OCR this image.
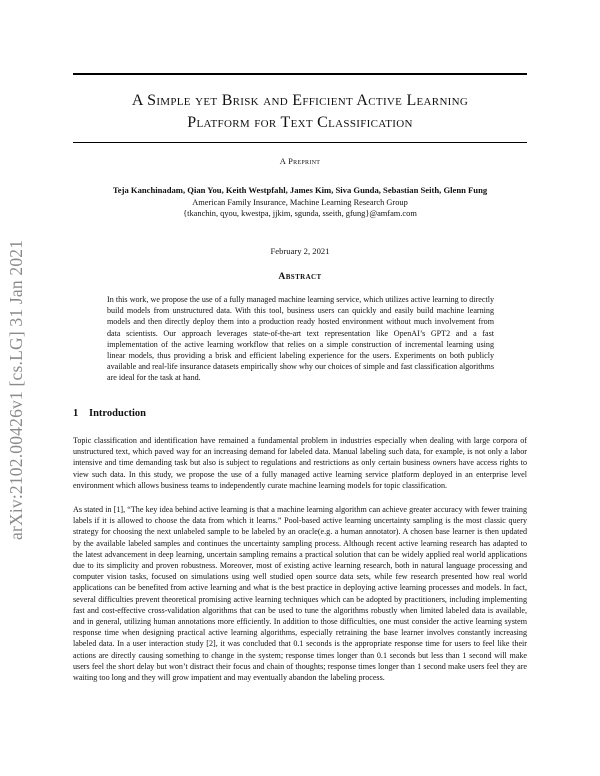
arXiv:2102.00426v1 [cs.LG] 31 Jan 2021
A Simple yet Brisk and Efficient Active Learning
Platform for Text Classification
A Preprint
Teja Kanchinadam, Qian You, Keith Westpfahl, James Kim, Siva Gunda, Sebastian Seith, Glenn Fung
American Family Insurance, Machine Learning Research Group
{tkanchin, qyou, kwestpa, jjkim, sgunda, sseith, gfung}@amfam.com
February 2, 2021
Abstract
In this work, we propose the use of a fully managed machine learning service, which utilizes active learning to directly build models from unstructured data. With this tool, business users can quickly and easily build machine learning models and then directly deploy them into a production ready hosted environment without much involvement from data scientists. Our approach leverages state-of-the-art text representation like OpenAI’s GPT2 and a fast implementation of the active learning workflow that relies on a simple construction of incremental learning using linear models, thus providing a brisk and efficient labeling experience for the users. Experiments on both publicly available and real-life insurance datasets empirically show why our choices of simple and fast classification algorithms are ideal for the task at hand.
1 Introduction
Topic classification and identification have remained a fundamental problem in industries especially when dealing with large corpora of unstructured text, which paved way for an increasing demand for labeled data. Manual labeling such data, for example, is not only a labor intensive and time demanding task but also is subject to regulations and restrictions as only certain business owners have access rights to view such data. In this study, we propose the use of a fully managed active learning service platform deployed in an enterprise level environment which allows business teams to independently curate machine learning models for topic classification.
As stated in [1], “The key idea behind active learning is that a machine learning algorithm can achieve greater accuracy with fewer training labels if it is allowed to choose the data from which it learns.” Pool-based active learning uncertainty sampling is the most classic query strategy for choosing the next unlabeled sample to be labeled by an oracle(e.g. a human annotator). A chosen base learner is then updated by the available labeled samples and continues the uncertainty sampling process. Although recent active learning research has adapted to the latest advancement in deep learning, uncertain sampling remains a practical solution that can be widely applied real world applications due to its simplicity and proven robustness. Moreover, most of existing active learning research, both in natural language processing and computer vision tasks, focused on simulations using well studied open source data sets, while few research presented how real world applications can be benefited from active learning and what is the best practice in deploying active learning processes and models. In fact, several difficulties prevent theoretical promising active learning techniques which can be adopted by practitioners, including implementing fast and cost-effective cross-validation algorithms that can be used to tune the algorithms robustly when limited labeled data is available, and in general, utilizing human annotations more efficiently. In addition to those difficulties, one must consider the active learning system response time when designing practical active learning algorithms, especially retraining the base learner involves constantly increasing labeled data. In a user interaction study [2], it was concluded that 0.1 seconds is the appropriate response time for users to feel like their actions are directly causing something to change in the system; response times longer than 0.1 seconds but less than 1 second will make users feel the short delay but won’t distract their focus and chain of thoughts; response times longer than 1 second make users feel they are waiting too long and they will grow impatient and may eventually abandon the labeling process.
